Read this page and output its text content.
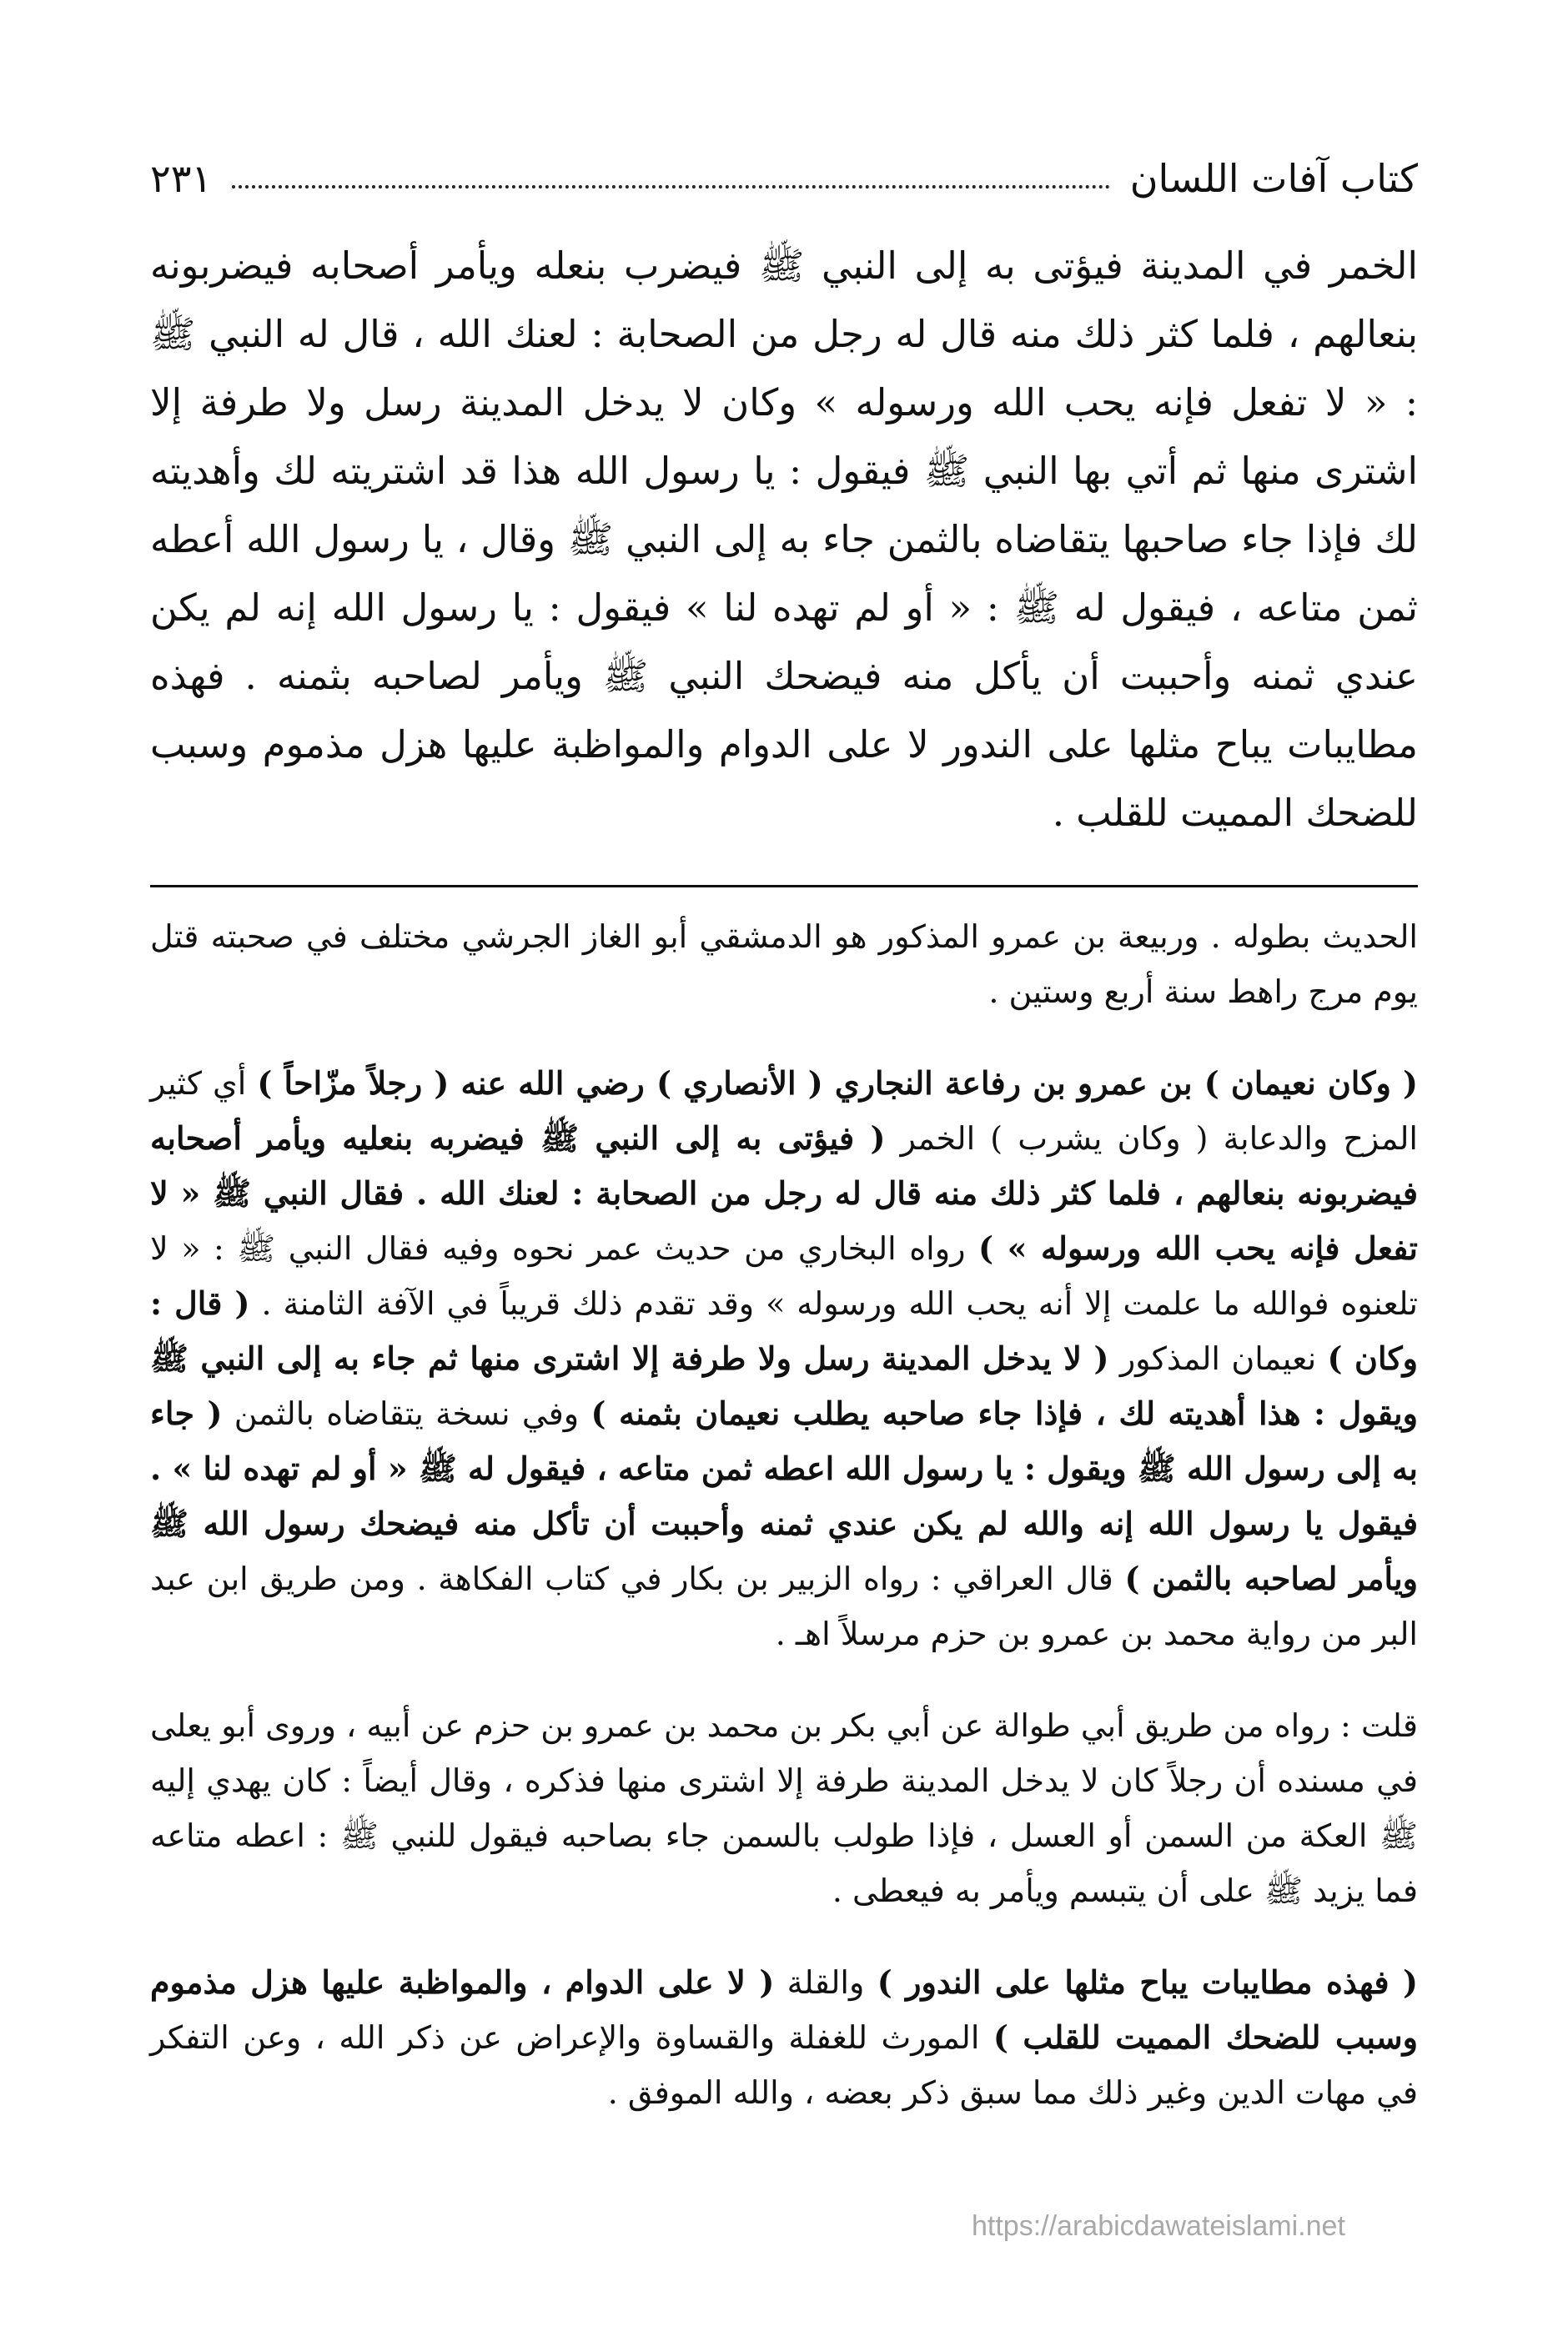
كتاب آفات اللسان
٢٣١

الخمر في المدينة فيؤتى به إلى النبي ﷺ فيضرب بنعله ويأمر أصحابه فيضربونه بنعالهم ، فلما كثر ذلك منه قال له رجل من الصحابة : لعنك الله ، قال له النبي ﷺ : « لا تفعل فإنه يحب الله ورسوله » وكان لا يدخل المدينة رسل ولا طرفة إلا اشترى منها ثم أتي بها النبي ﷺ فيقول : يا رسول الله هذا قد اشتريته لك وأهديته لك فإذا جاء صاحبها يتقاضاه بالثمن جاء به إلى النبي ﷺ وقال ، يا رسول الله أعطه ثمن متاعه ، فيقول له ﷺ : « أو لم تهده لنا » فيقول : يا رسول الله إنه لم يكن عندي ثمنه وأحببت أن يأكل منه فيضحك النبي ﷺ ويأمر لصاحبه بثمنه . فهذه مطايبات يباح مثلها على الندور لا على الدوام والمواظبة عليها هزل مذموم وسبب للضحك المميت للقلب .

الحديث بطوله . وربيعة بن عمرو المذكور هو الدمشقي أبو الغاز الجرشي مختلف في صحبته قتل يوم مرج راهط سنة أربع وستين .

( وكان نعيمان ) بن عمرو بن رفاعة النجاري ( الأنصاري ) رضي الله عنه ( رجلاً مزّاحاً ) أي كثير المزح والدعابة ( وكان يشرب ) الخمر ( فيؤتى به إلى النبي ﷺ فيضربه بنعليه ويأمر أصحابه فيضربونه بنعالهم ، فلما كثر ذلك منه قال له رجل من الصحابة : لعنك الله . فقال النبي ﷺ « لا تفعل فإنه يحب الله ورسوله » ) رواه البخاري من حديث عمر نحوه وفيه فقال النبي ﷺ : « لا تلعنوه فوالله ما علمت إلا أنه يحب الله ورسوله » وقد تقدم ذلك قريباً في الآفة الثامنة . ( قال : وكان ) نعيمان المذكور ( لا يدخل المدينة رسل ولا طرفة إلا اشترى منها ثم جاء به إلى النبي ﷺ ويقول : هذا أهديته لك ، فإذا جاء صاحبه يطلب نعيمان بثمنه ) وفي نسخة يتقاضاه بالثمن ( جاء به إلى رسول الله ﷺ ويقول : يا رسول الله اعطه ثمن متاعه ، فيقول له ﷺ « أو لم تهده لنا » . فيقول يا رسول الله إنه والله لم يكن عندي ثمنه وأحببت أن تأكل منه فيضحك رسول الله ﷺ ويأمر لصاحبه بالثمن ) قال العراقي : رواه الزبير بن بكار في كتاب الفكاهة . ومن طريق ابن عبد البر من رواية محمد بن عمرو بن حزم مرسلاً اهـ .

قلت : رواه من طريق أبي طوالة عن أبي بكر بن محمد بن عمرو بن حزم عن أبيه ، وروى أبو يعلى في مسنده أن رجلاً كان لا يدخل المدينة طرفة إلا اشترى منها فذكره ، وقال أيضاً : كان يهدي إليه ﷺ العكة من السمن أو العسل ، فإذا طولب بالسمن جاء بصاحبه فيقول للنبي ﷺ : اعطه متاعه فما يزيد ﷺ على أن يتبسم ويأمر به فيعطى .

( فهذه مطايبات يباح مثلها على الندور ) والقلة ( لا على الدوام ، والمواظبة عليها هزل مذموم وسبب للضحك المميت للقلب ) المورث للغفلة والقساوة والإعراض عن ذكر الله ، وعن التفكر في مهات الدين وغير ذلك مما سبق ذكر بعضه ، والله الموفق .

https://arabicdawateislami.net
